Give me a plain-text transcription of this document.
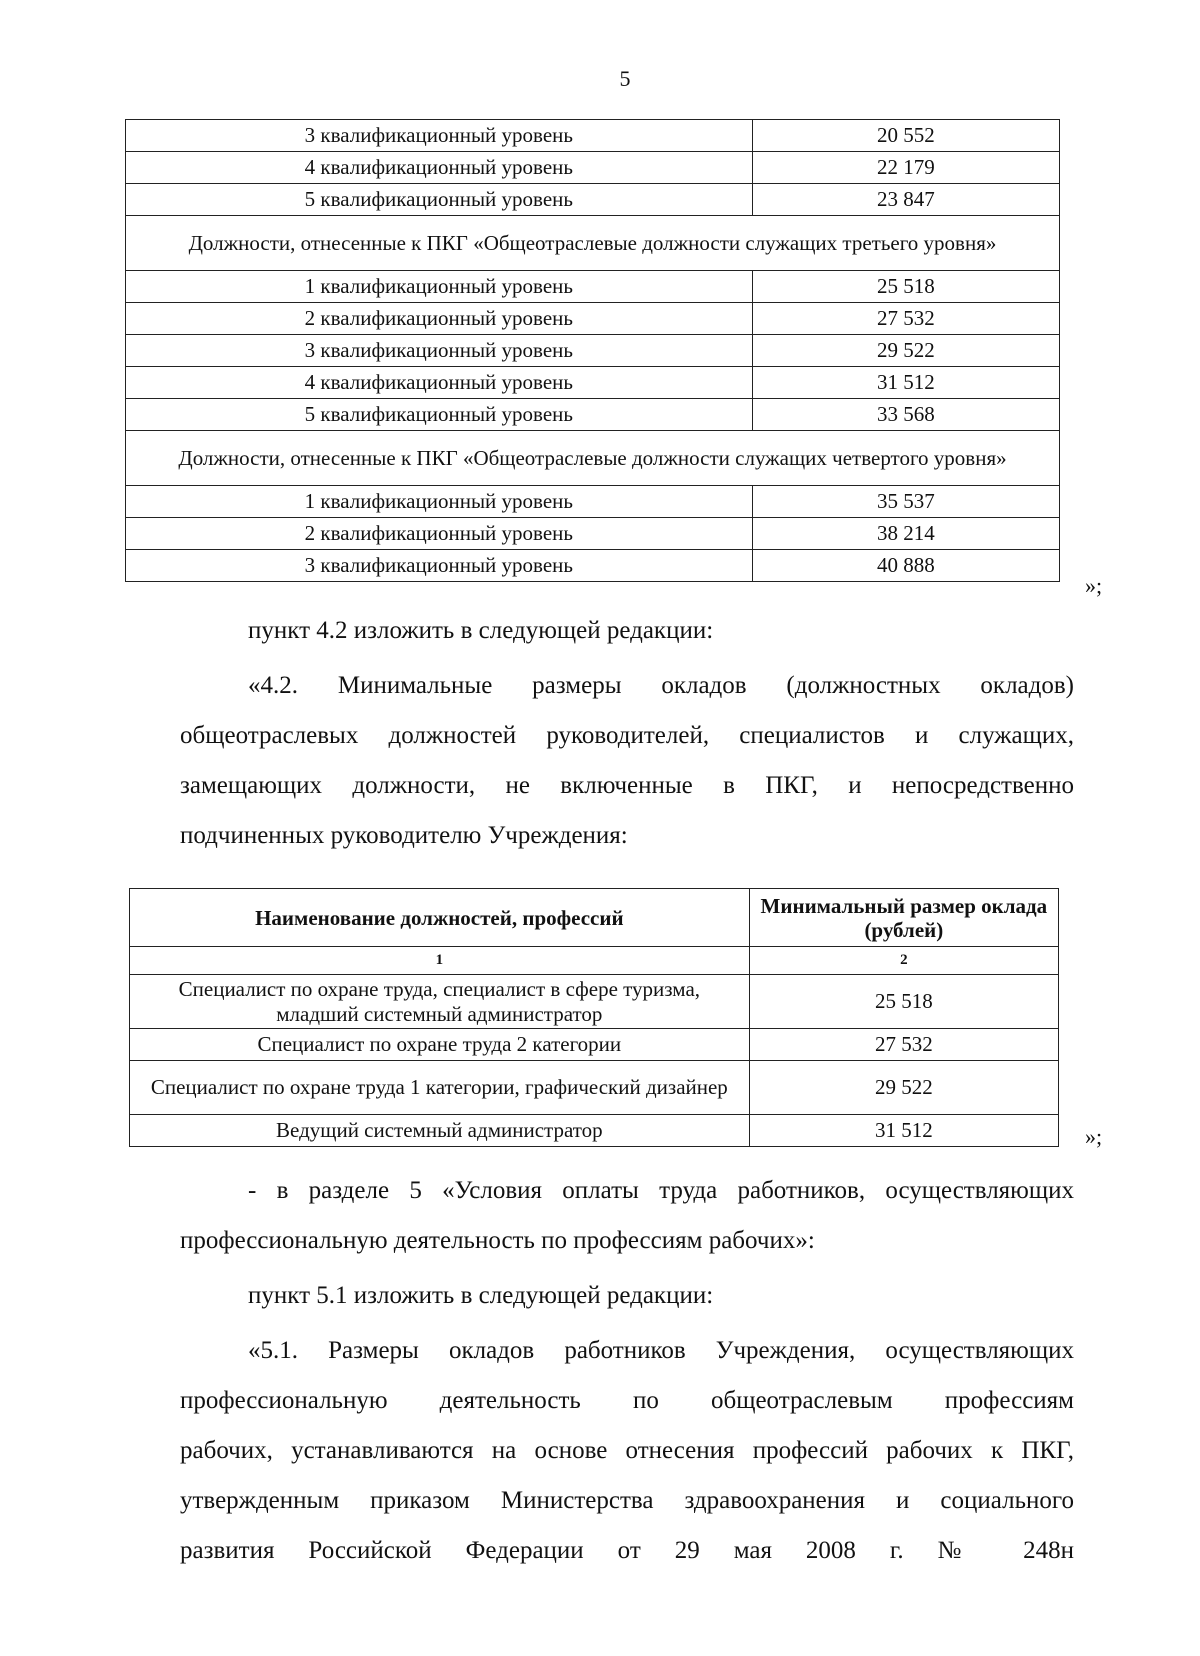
5
3 квалификационный уровень	20 552
4 квалификационный уровень	22 179
5 квалификационный уровень	23 847
Должности, отнесенные к ПКГ «Общеотраслевые должности служащих третьего уровня»	
1 квалификационный уровень	25 518
2 квалификационный уровень	27 532
3 квалификационный уровень	29 522
4 квалификационный уровень	31 512
5 квалификационный уровень	33 568
Должности, отнесенные к ПКГ «Общеотраслевые должности служащих четвертого уровня»	
1 квалификационный уровень	35 537
2 квалификационный уровень	38 214
3 квалификационный уровень	40 888
»;
пункт 4.2 изложить в следующей редакции:
«4.2. Минимальные размеры окладов (должностных окладов)
общеотраслевых должностей руководителей, специалистов и служащих,
замещающих должности, не включенные в ПКГ, и непосредственно
подчиненных руководителю Учреждения:
Наименование должностей, профессий	Минимальный размер оклада (рублей)
1	2
Специалист по охране труда, специалист в сфере туризма, младший системный администратор	25 518
Специалист по охране труда 2 категории	27 532
Специалист по охране труда 1 категории, графический дизайнер	29 522
Ведущий системный администратор	31 512	»;
- в разделе 5 «Условия оплаты труда работников, осуществляющих
профессиональную деятельность по профессиям рабочих»:
пункт 5.1 изложить в следующей редакции:
«5.1. Размеры окладов работников Учреждения, осуществляющих
профессиональную деятельность по общеотраслевым профессиям
рабочих, устанавливаются на основе отнесения профессий рабочих к ПКГ,
утвержденным приказом Министерства здравоохранения и социального
развития Российской Федерации от 29 мая 2008 г. № 248н
